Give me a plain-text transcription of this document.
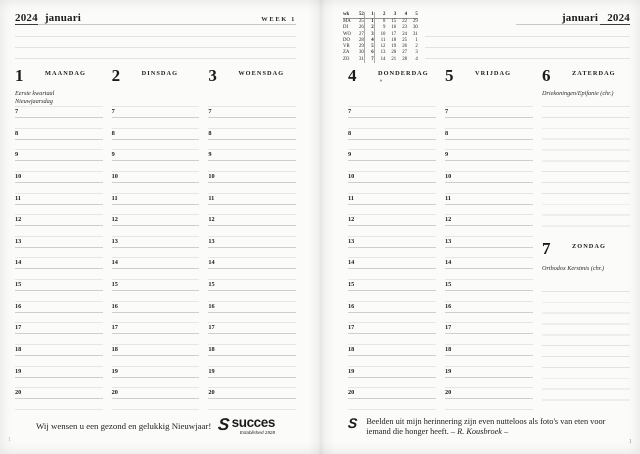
2024 januari	WEEK 1
1	MAANDAG
Eerste kwartaal
Nieuwjaarsdag
7
8
9
10
11
12
13
14
15
16
17
18
19
20
2	DINSDAG
7
8
9
10
11
12
13
14
15
16
17
18
19
20
3	WOENSDAG
7
8
9
10
11
12
13
14
15
16
17
18
19
20
Wij wensen u een gezond en gelukkig Nieuwjaar! S succes
Established 1928
1
wk	52	1	2	3	4	5
MA	25	1	8	15	22	29
DI	26	2	9	16	23	30
WO	27	3	10	17	24	31
DO	28	4	11	18	25	1
VR	29	5	12	19	26	2
ZA	30	6	13	20	27	3
ZO	31	7	14	21	28	4
januari 2024
4	DONDERDAG
◑
7
8
9
10
11
12
13
14
15
16
17
18
19
20
5	VRIJDAG
7
8
9
10
11
12
13
14
15
16
17
18
19
20
6	ZATERDAG
Driekoningen/Epifanie (chr.)
7	ZONDAG
Orthodox Kerstmis (chr.)
S Beelden uit mijn herinnering zijn even nutteloos als foto's van eten voor iemand die honger heeft. – R. Kousbroek –
1
